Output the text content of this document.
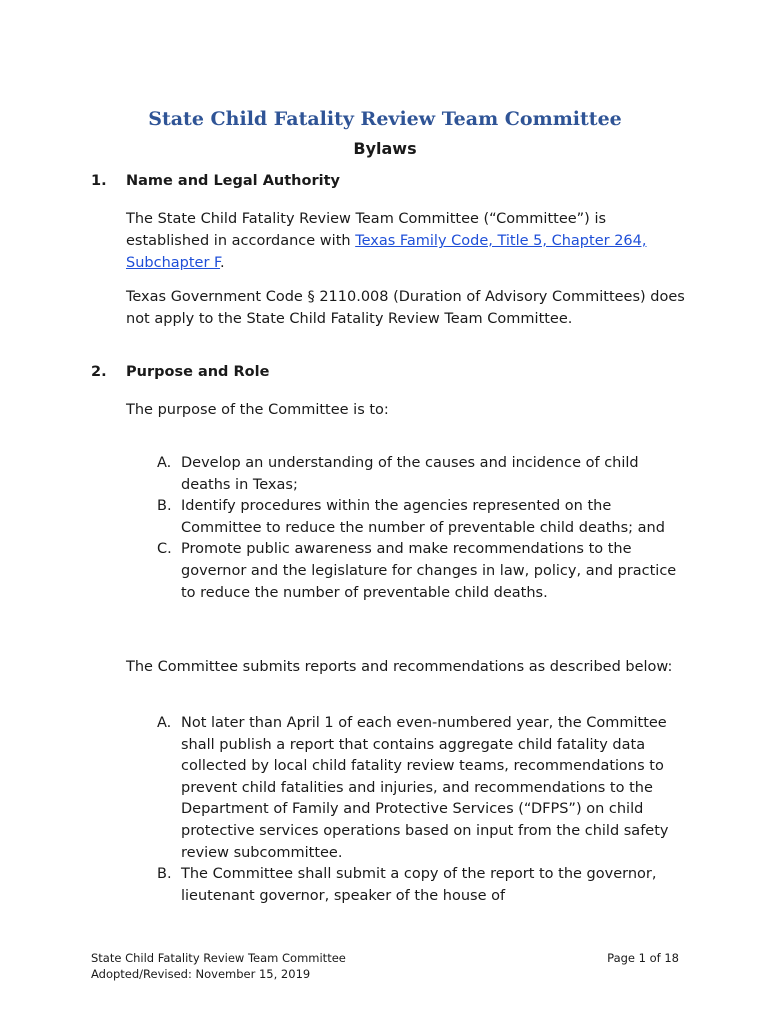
State Child Fatality Review Team Committee
Bylaws
1. Name and Legal Authority
The State Child Fatality Review Team Committee (“Committee”) is established in accordance with Texas Family Code, Title 5, Chapter 264, Subchapter F.
Texas Government Code § 2110.008 (Duration of Advisory Committees) does not apply to the State Child Fatality Review Team Committee.
2. Purpose and Role
The purpose of the Committee is to:
A. Develop an understanding of the causes and incidence of child deaths in Texas;
B. Identify procedures within the agencies represented on the Committee to reduce the number of preventable child deaths; and
C. Promote public awareness and make recommendations to the governor and the legislature for changes in law, policy, and practice to reduce the number of preventable child deaths.
The Committee submits reports and recommendations as described below:
A. Not later than April 1 of each even-numbered year, the Committee shall publish a report that contains aggregate child fatality data collected by local child fatality review teams, recommendations to prevent child fatalities and injuries, and recommendations to the Department of Family and Protective Services (“DFPS”) on child protective services operations based on input from the child safety review subcommittee.
B. The Committee shall submit a copy of the report to the governor, lieutenant governor, speaker of the house of
State Child Fatality Review Team Committee
Adopted/Revised: November 15, 2019
Page 1 of 18
